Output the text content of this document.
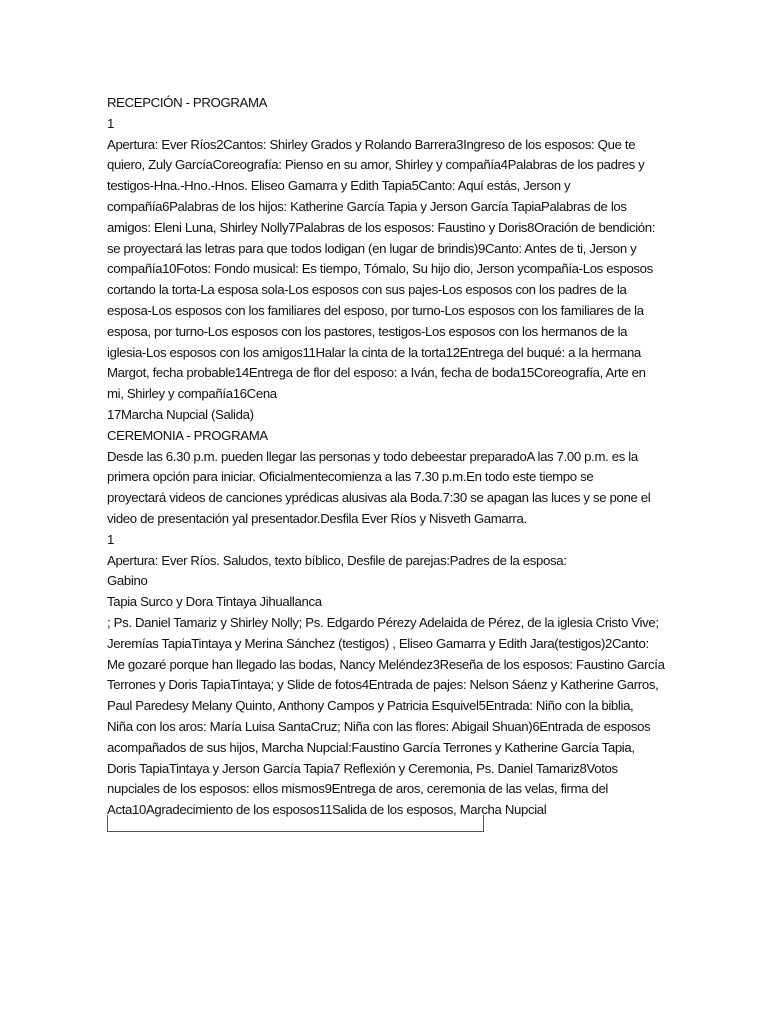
RECEPCIÓN - PROGRAMA
1
Apertura: Ever Ríos2Cantos: Shirley Grados y Rolando Barrera3Ingreso de los esposos: Que te
quiero, Zuly GarcíaCoreografía: Pienso en su amor, Shirley y compañía4Palabras de los padres y
testigos-Hna.-Hno.-Hnos. Eliseo Gamarra y Edith Tapia5Canto: Aquí estás, Jerson y
compañía6Palabras de los hijos: Katherine García Tapia y Jerson García TapiaPalabras de los
amigos: Eleni Luna, Shirley Nolly7Palabras de los esposos: Faustino y Doris8Oración de bendición:
se proyectará las letras para que todos lodigan (en lugar de brindis)9Canto: Antes de ti, Jerson y
compañía10Fotos: Fondo musical: Es tiempo, Tómalo, Su hijo dio, Jerson ycompañía-Los esposos
cortando la torta-La esposa sola-Los esposos con sus pajes-Los esposos con los padres de la
esposa-Los esposos con los familiares del esposo, por turno-Los esposos con los familiares de la
esposa, por turno-Los esposos con los pastores, testigos-Los esposos con los hermanos de la
iglesia-Los esposos con los amigos11Halar la cinta de la torta12Entrega del buqué: a la hermana
Margot, fecha probable14Entrega de flor del esposo: a Iván, fecha de boda15Coreografía, Arte en
mi, Shirley y compañía16Cena
17Marcha Nupcial (Salida)
CEREMONIA - PROGRAMA
Desde las 6.30 p.m. pueden llegar las personas y todo debeestar preparadoA las 7.00 p.m. es la
primera opción para iniciar. Oficialmentecomienza a las 7.30 p.m.En todo este tiempo se
proyectará videos de canciones yprédicas alusivas ala Boda.7:30 se apagan las luces y se pone el
video de presentación yal presentador.Desfila Ever Ríos y Nisveth Gamarra.
1
Apertura: Ever Ríos. Saludos, texto bíblico, Desfile de parejas:Padres de la esposa:
Gabino
Tapia Surco y Dora Tintaya Jihuallanca
; Ps. Daniel Tamariz y Shirley Nolly; Ps. Edgardo Pérezy Adelaida de Pérez, de la iglesia Cristo Vive;
Jeremías TapiaTintaya y Merina Sánchez (testigos) , Eliseo Gamarra y Edith Jara(testigos)2Canto:
Me gozaré porque han llegado las bodas, Nancy Meléndez3Reseña de los esposos: Faustino García
Terrones y Doris TapiaTintaya; y Slide de fotos4Entrada de pajes: Nelson Sáenz y Katherine Garros,
Paul Paredesy Melany Quinto, Anthony Campos y Patricia Esquivel5Entrada: Niño con la biblia,
Niña con los aros: María Luisa SantaCruz; Niña con las flores: Abigail Shuan)6Entrada de esposos
acompañados de sus hijos, Marcha Nupcial:Faustino García Terrones y Katherine García Tapia,
Doris TapiaTintaya y Jerson García Tapia7 Reflexión y Ceremonia, Ps. Daniel Tamariz8Votos
nupciales de los esposos: ellos mismos9Entrega de aros, ceremonia de las velas, firma del
Acta10Agradecimiento de los esposos11Salida de los esposos, Marcha Nupcial
